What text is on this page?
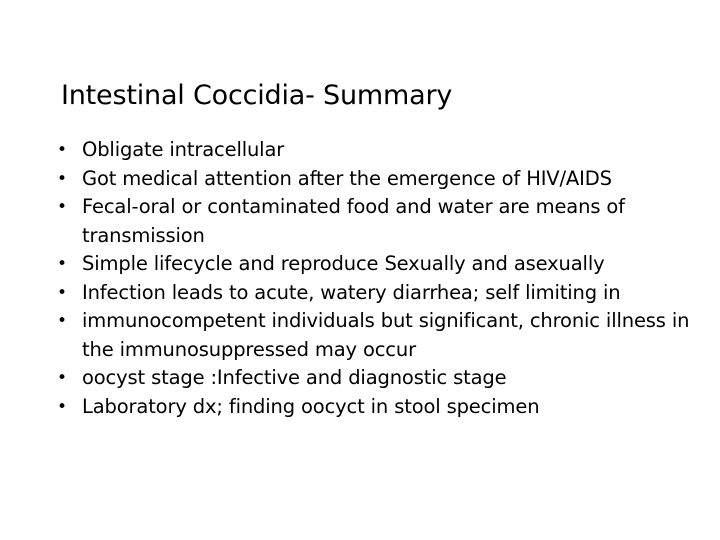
Intestinal Coccidia- Summary
• Obligate intracellular
• Got medical attention after the emergence of HIV/AIDS
• Fecal-oral or contaminated food and water are means of transmission
• Simple lifecycle and reproduce Sexually and asexually
• Infection leads to acute, watery diarrhea; self limiting in
• immunocompetent individuals but significant, chronic illness in the immunosuppressed may occur
• oocyst stage :Infective and diagnostic stage
• Laboratory dx; finding oocyct in stool specimen
